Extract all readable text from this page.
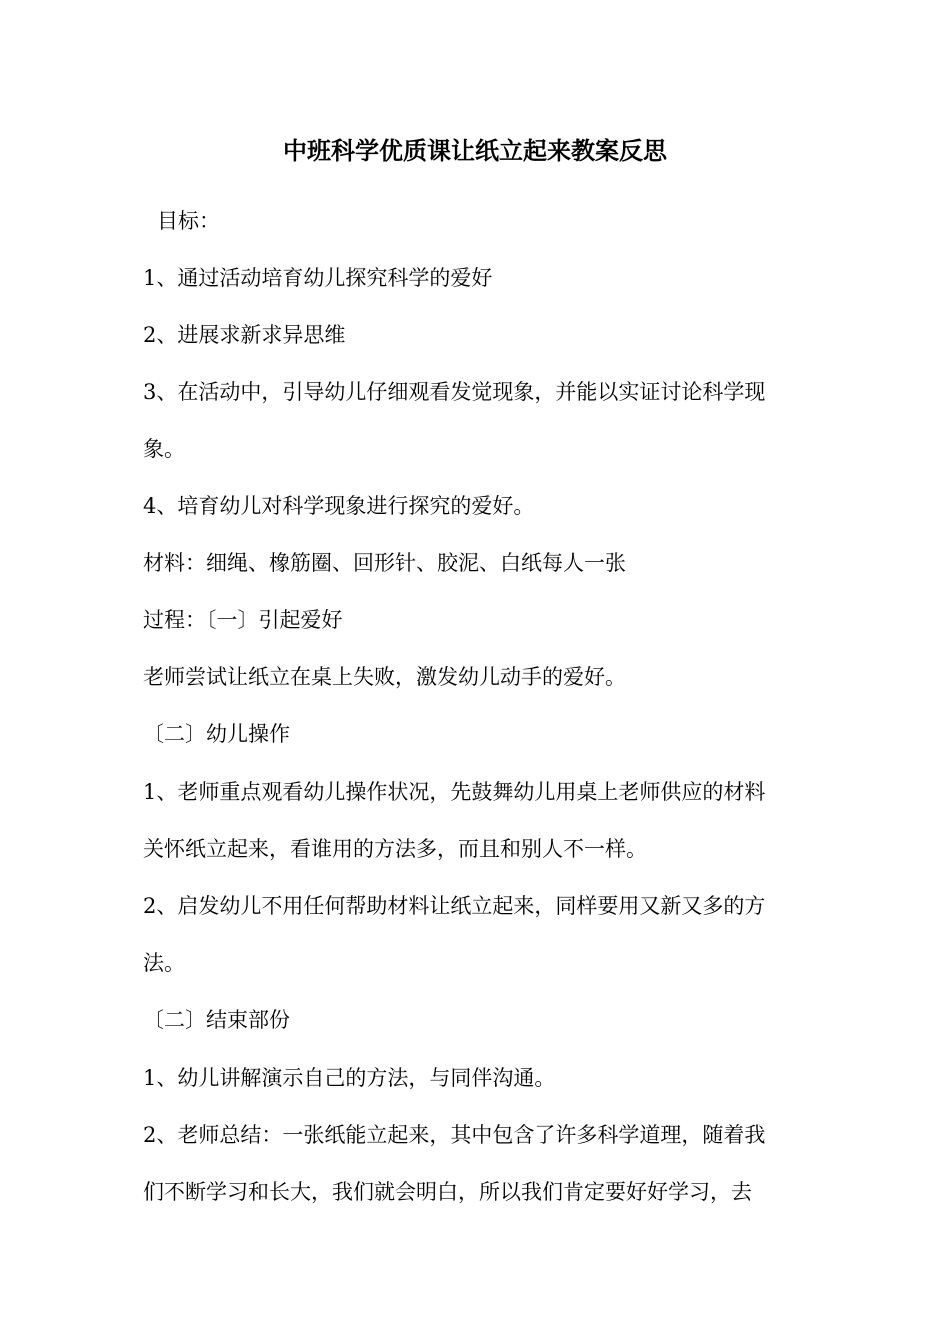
中班科学优质课让纸立起来教案反思

目标：

1、通过活动培育幼儿探究科学的爱好

2、进展求新求异思维

3、在活动中，引导幼儿仔细观看发觉现象，并能以实证讨论科学现

象。

4、培育幼儿对科学现象进行探究的爱好。

材料：细绳、橡筋圈、回形针、胶泥、白纸每人一张

过程：〔一〕引起爱好

老师尝试让纸立在桌上失败，激发幼儿动手的爱好。

〔二〕幼儿操作

1、老师重点观看幼儿操作状况，先鼓舞幼儿用桌上老师供应的材料

关怀纸立起来，看谁用的方法多，而且和别人不一样。

2、启发幼儿不用任何帮助材料让纸立起来，同样要用又新又多的方

法。

〔二〕结束部份

1、幼儿讲解演示自己的方法，与同伴沟通。

2、老师总结：一张纸能立起来，其中包含了许多科学道理，随着我

们不断学习和长大，我们就会明白，所以我们肯定要好好学习，去
